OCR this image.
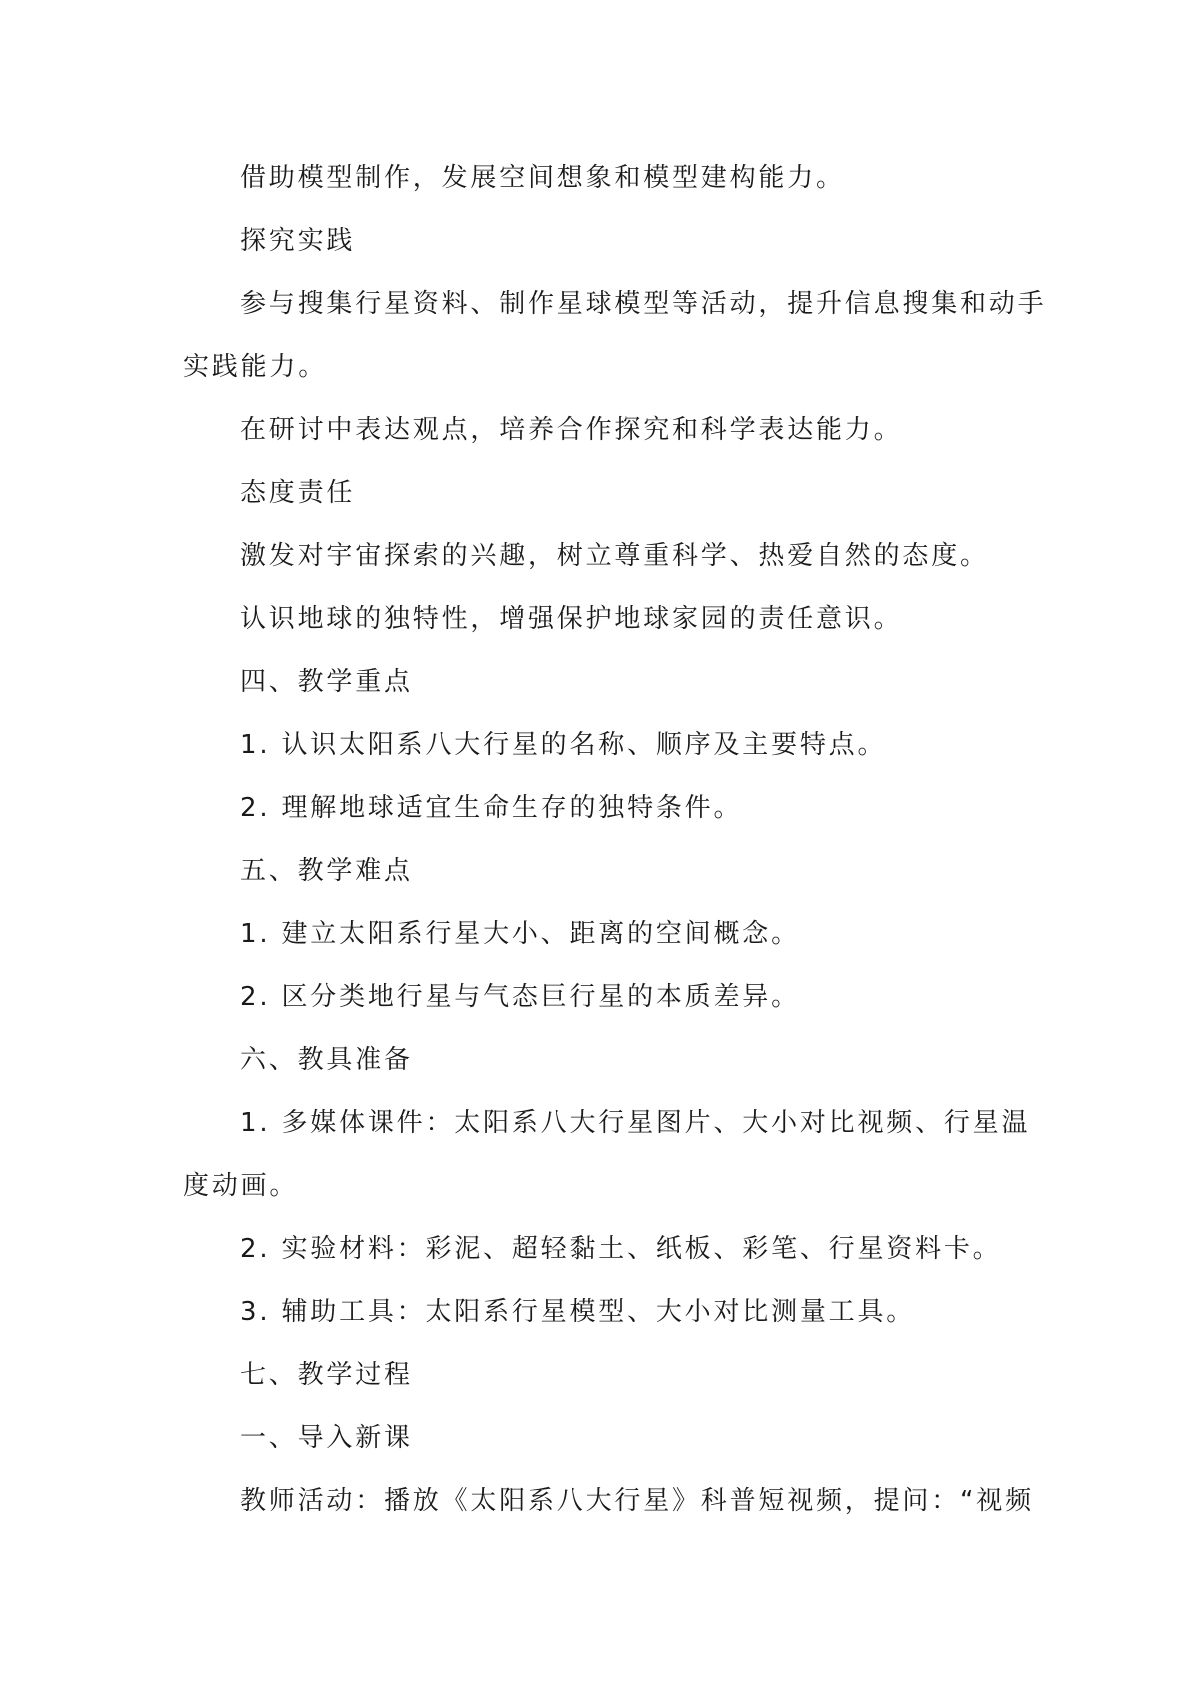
借助模型制作，发展空间想象和模型建构能力。
探究实践
参与搜集行星资料、制作星球模型等活动，提升信息搜集和动手
实践能力。
在研讨中表达观点，培养合作探究和科学表达能力。
态度责任
激发对宇宙探索的兴趣，树立尊重科学、热爱自然的态度。
认识地球的独特性，增强保护地球家园的责任意识。
四、教学重点
1. 认识太阳系八大行星的名称、顺序及主要特点。
2. 理解地球适宜生命生存的独特条件。
五、教学难点
1. 建立太阳系行星大小、距离的空间概念。
2. 区分类地行星与气态巨行星的本质差异。
六、教具准备
1. 多媒体课件：太阳系八大行星图片、大小对比视频、行星温
度动画。
2. 实验材料：彩泥、超轻黏土、纸板、彩笔、行星资料卡。
3. 辅助工具：太阳系行星模型、大小对比测量工具。
七、教学过程
一、导入新课
教师活动：播放《太阳系八大行星》科普短视频，提问：“视频
